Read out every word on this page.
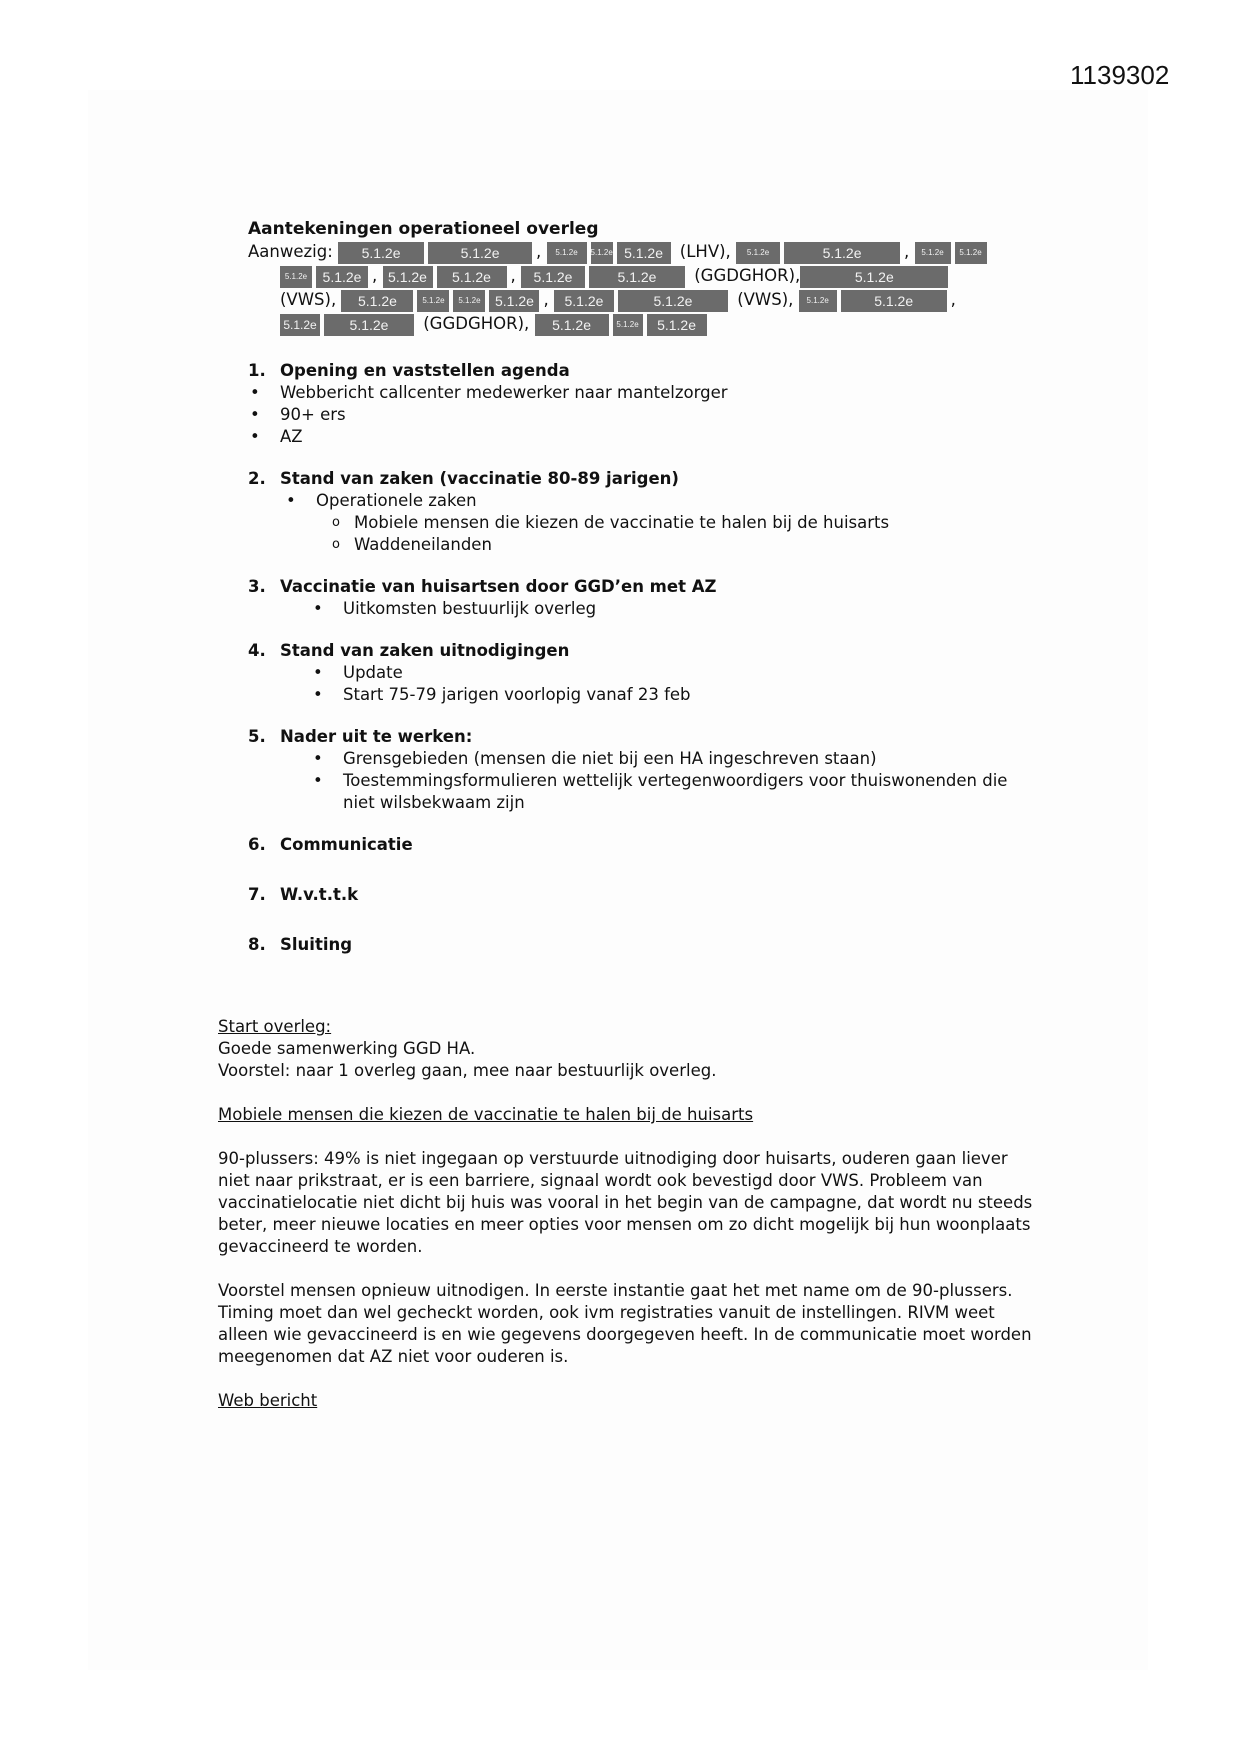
1139302
Aantekeningen operationeel overleg
Aanwezig: 5.1.2e	5.1.2e , 5.1.2e 5.1.2e 5.1.2e (LHV), 5.1.2e	5.1.2e	, 5.1.2e 5.1.2e
5.1.2e 5.1.2e , 5.1.2e 5.1.2e , 5.1.2e	5.1.2e (GGDGHOR),	5.1.2e
(VWS), 5.1.2e	5.1.2e 5.1.2e 5.1.2e , 5.1.2e	5.1.2e	(VWS), 5.1.2e	5.1.2e ,
5.1.2e 5.1.2e (GGDGHOR), 5.1.2e	5.1.2e 5.1.2e
1. Opening en vaststellen agenda
• Webbericht callcenter medewerker naar mantelzorger
• 90+ ers
• AZ
2. Stand van zaken (vaccinatie 80-89 jarigen)
• Operationele zaken
o Mobiele mensen die kiezen de vaccinatie te halen bij de huisarts
o Waddeneilanden
3. Vaccinatie van huisartsen door GGD’en met AZ
• Uitkomsten bestuurlijk overleg
4. Stand van zaken uitnodigingen
• Update
• Start 75-79 jarigen voorlopig vanaf 23 feb
5. Nader uit te werken:
• Grensgebieden (mensen die niet bij een HA ingeschreven staan)
• Toestemmingsformulieren wettelijk vertegenwoordigers voor thuiswonenden die niet wilsbekwaam zijn
6. Communicatie
7. W.v.t.t.k
8. Sluiting
Start overleg:
Goede samenwerking GGD HA.
Voorstel: naar 1 overleg gaan, mee naar bestuurlijk overleg.
Mobiele mensen die kiezen de vaccinatie te halen bij de huisarts
90-plussers: 49% is niet ingegaan op verstuurde uitnodiging door huisarts, ouderen gaan liever niet naar prikstraat, er is een barriere, signaal wordt ook bevestigd door VWS. Probleem van vaccinatielocatie niet dicht bij huis was vooral in het begin van de campagne, dat wordt nu steeds beter, meer nieuwe locaties en meer opties voor mensen om zo dicht mogelijk bij hun woonplaats gevaccineerd te worden.
Voorstel mensen opnieuw uitnodigen. In eerste instantie gaat het met name om de 90-plussers. Timing moet dan wel gecheckt worden, ook ivm registraties vanuit de instellingen. RIVM weet alleen wie gevaccineerd is en wie gegevens doorgegeven heeft. In de communicatie moet worden meegenomen dat AZ niet voor ouderen is.
Web bericht
